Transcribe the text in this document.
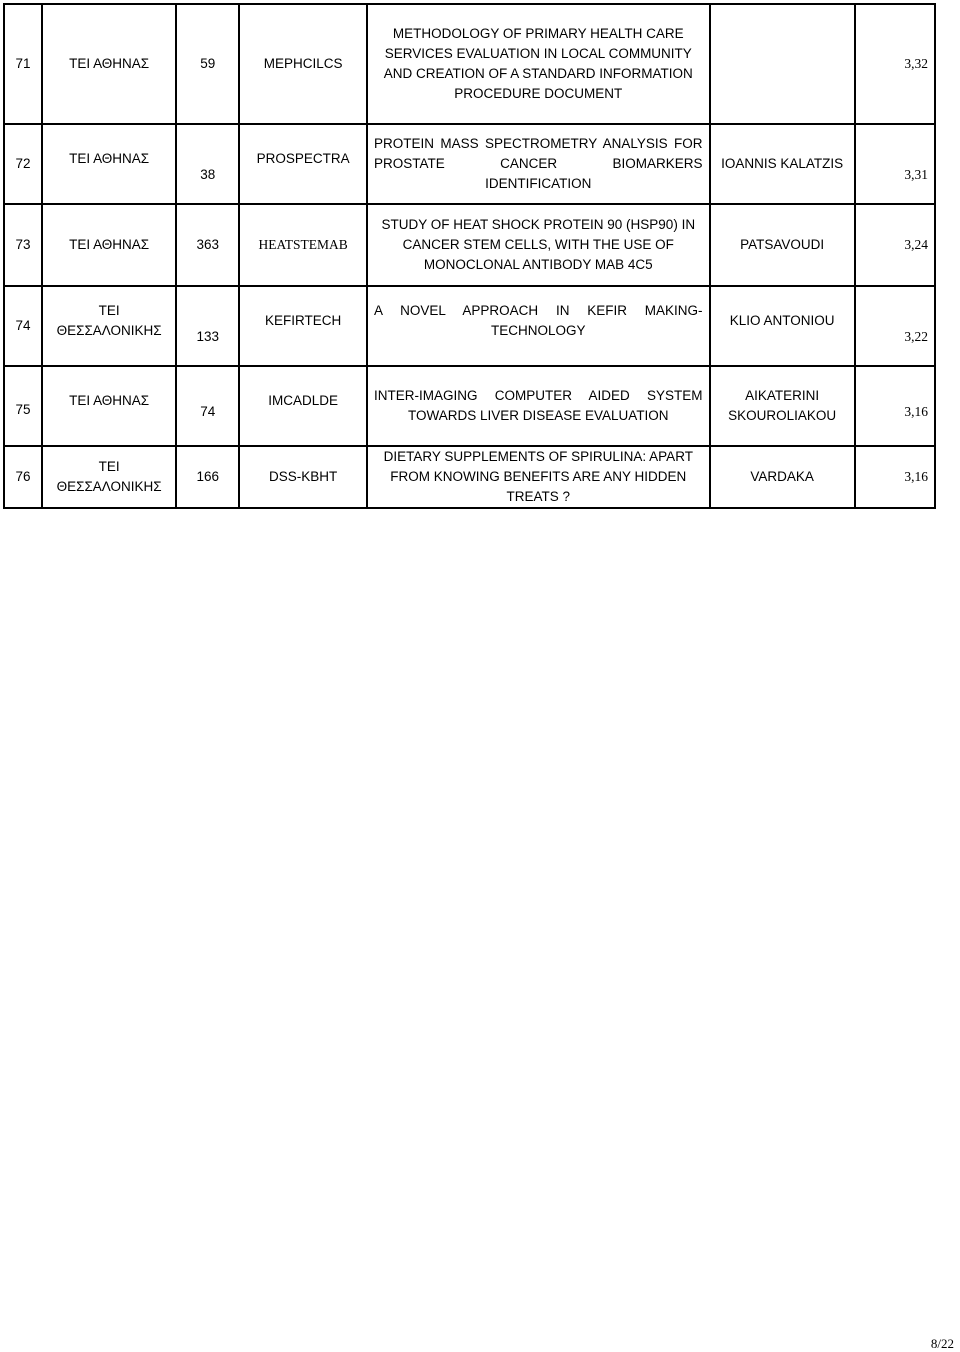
71	ΤΕΙ ΑΘΗΝΑΣ	59	MEPHCILCS	METHODOLOGY OF PRIMARY HEALTH CARE SERVICES EVALUATION IN LOCAL COMMUNITY AND CREATION OF A STANDARD INFORMATION PROCEDURE DOCUMENT		3,32
72	ΤΕΙ ΑΘΗΝΑΣ	38	PROSPECTRA	PROTEIN MASS SPECTROMETRY ANALYSIS FOR PROSTATE CANCER BIOMARKERS IDENTIFICATION	IOANNIS KALATZIS	3,31
73	ΤΕΙ ΑΘΗΝΑΣ	363	HEATSTEMAB	STUDY OF HEAT SHOCK PROTEIN 90 (HSP90) IN CANCER STEM CELLS, WITH THE USE OF MONOCLONAL ANTIBODY MAB 4C5	PATSAVOUDI	3,24
74	ΤΕΙ ΘΕΣΣΑΛΟΝΙΚΗΣ	133	KEFIRTECH	A NOVEL APPROACH IN KEFIR MAKING-TECHNOLOGY	KLIO ANTONIOU	3,22
75	ΤΕΙ ΑΘΗΝΑΣ	74	IMCADLDE	INTER-IMAGING COMPUTER AIDED SYSTEM TOWARDS LIVER DISEASE EVALUATION	AIKATERINI SKOUROLIAKOU	3,16
76	ΤΕΙ ΘΕΣΣΑΛΟΝΙΚΗΣ	166	DSS-KBHT	DIETARY SUPPLEMENTS OF SPIRULINA: APART FROM KNOWING BENEFITS ARE ANY HIDDEN TREATS ?	VARDAKA	3,16
8/22
